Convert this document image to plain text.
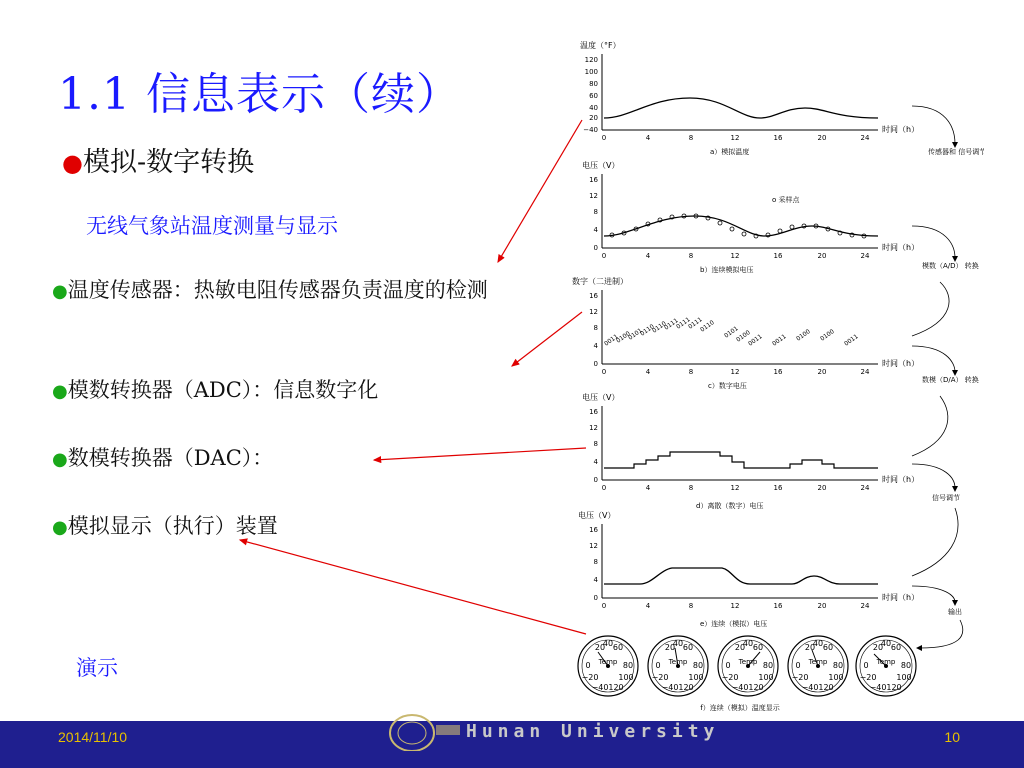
1.1 信息表示（续）
●模拟-数字转换
无线气象站温度测量与显示
●温度传感器：热敏电阻传感器负责温度的检测
●模数转换器（ADC）：信息数字化
●数模转换器（DAC）：
●模拟显示（执行）装置
演示
温度（°F）
120
100
80
60
40
20
−40
0	4	8	12	16	20	24
时间（h）
a）模拟温度
电压（V）
16
12
8
4
0
o 采样点
0	4	8	12	16	20	24
时间（h）
b）连续模拟电压
数字（二进制）
16
12
8
4
0
0011
0100
0101
0110
0110
0111
0111
0111
0110 0101
0100
0011 0011 0100 0100 0011
0	4	8	12	16	20	24
时间（h）
c）数字电压
电压（V）
16
12
8
4
0
0	4	8	12	16	20	24
时间（h）
d）离散（数字）电压
电压（V）
16
12
8
4
0
0	4	8	12	16	20	24
时间（h）
e）连续（模拟）电压
Temp
20
40 60
0	80
−20 100
−40 120
Temp
20
40 60
0	80
−20 100
−40 120
Temp
20
40 60
0	80
−20 100
−40 120
Temp
20
40 60
0	80
−20 100
−40 120
Temp
20
40 60
0	80
−20 100
−40 120
f）连续（模拟）温度显示
传感器和 信号调节
模数（A/D） 转换
数模（D/A） 转换
信号调节
输出
2014/11/10	Hunan University	10
